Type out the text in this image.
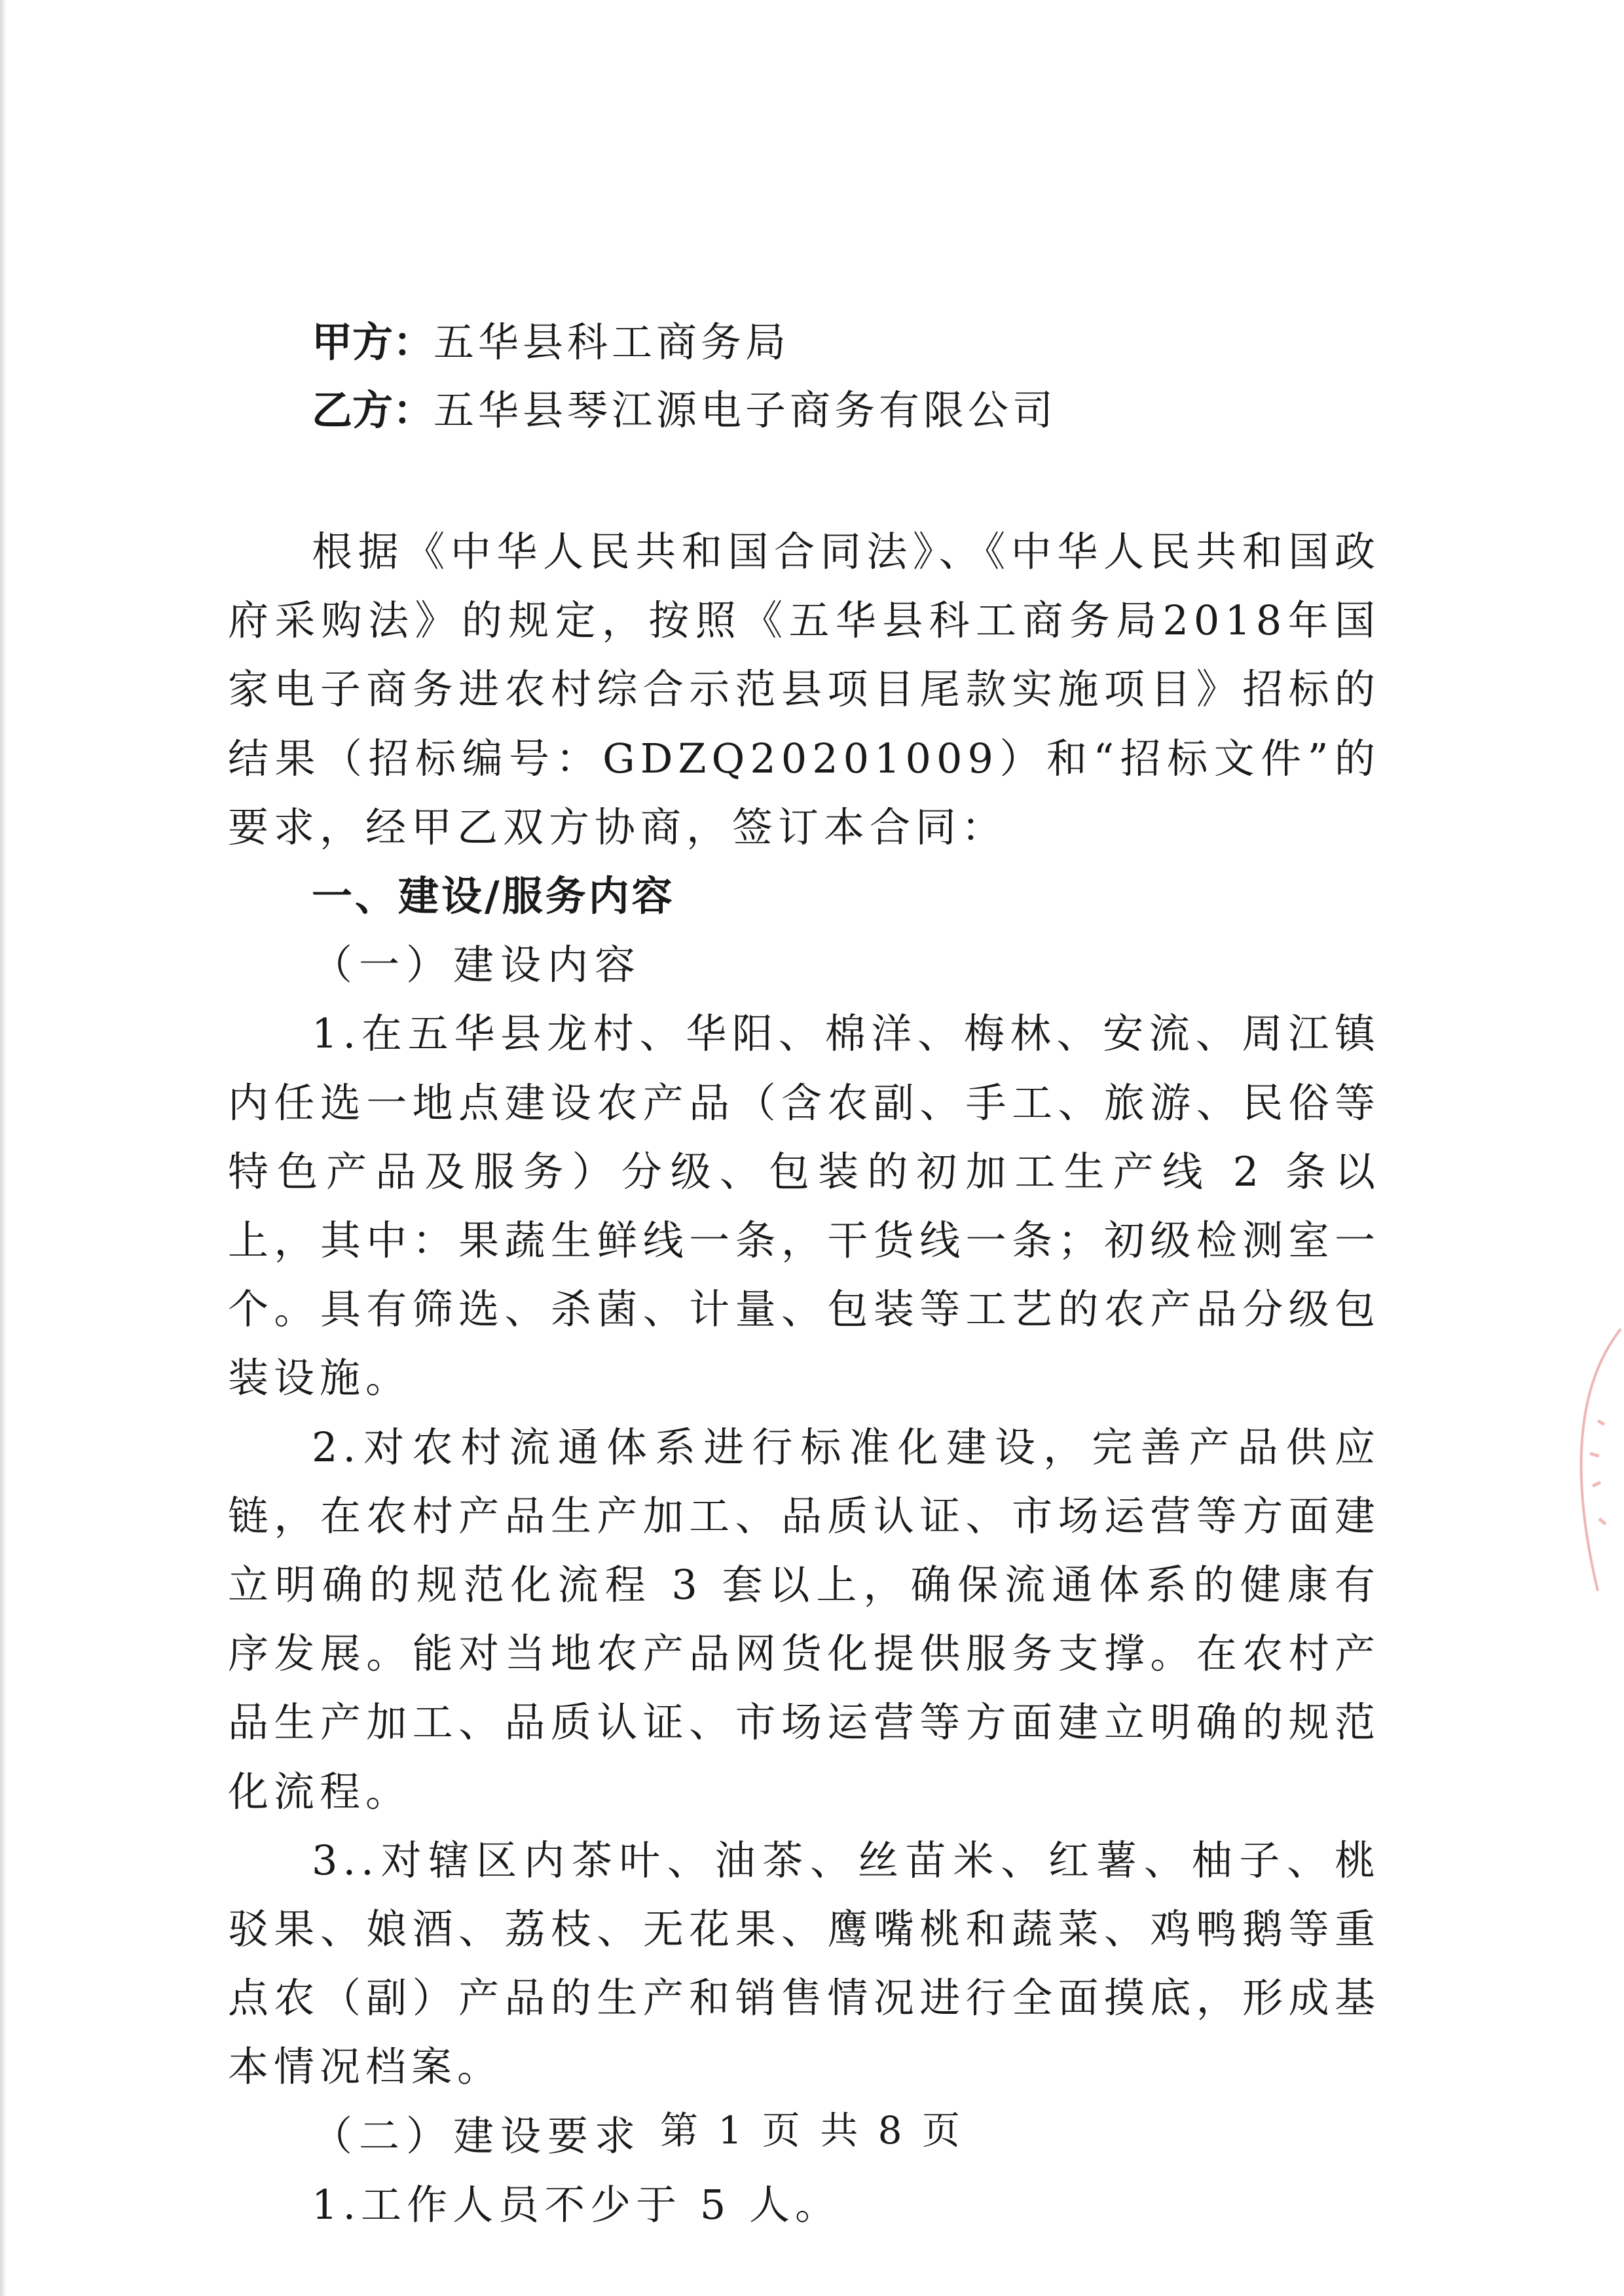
甲方：五华县科工商务局
乙方：五华县琴江源电子商务有限公司

根据《中华人民共和国合同法》、《中华人民共和国政府采购法》的规定，按照《五华县科工商务局2018年国家电子商务进农村综合示范县项目尾款实施项目》招标的结果（招标编号：GDZQ20201009）和“招标文件”的要求，经甲乙双方协商，签订本合同：

一、建设/服务内容

（一）建设内容

1.在五华县龙村、华阳、棉洋、梅林、安流、周江镇内任选一地点建设农产品（含农副、手工、旅游、民俗等特色产品及服务）分级、包装的初加工生产线 2 条以上，其中：果蔬生鲜线一条，干货线一条；初级检测室一个。具有筛选、杀菌、计量、包装等工艺的农产品分级包装设施。

2.对农村流通体系进行标准化建设，完善产品供应链，在农村产品生产加工、品质认证、市场运营等方面建立明确的规范化流程 3 套以上，确保流通体系的健康有序发展。能对当地农产品网货化提供服务支撑。在农村产品生产加工、品质认证、市场运营等方面建立明确的规范化流程。

3..对辖区内茶叶、油茶、丝苗米、红薯、柚子、桃驳果、娘酒、荔枝、无花果、鹰嘴桃和蔬菜、鸡鸭鹅等重点农（副）产品的生产和销售情况进行全面摸底，形成基本情况档案。

（二）建设要求

1.工作人员不少于 5 人。

第 1 页 共 8 页
